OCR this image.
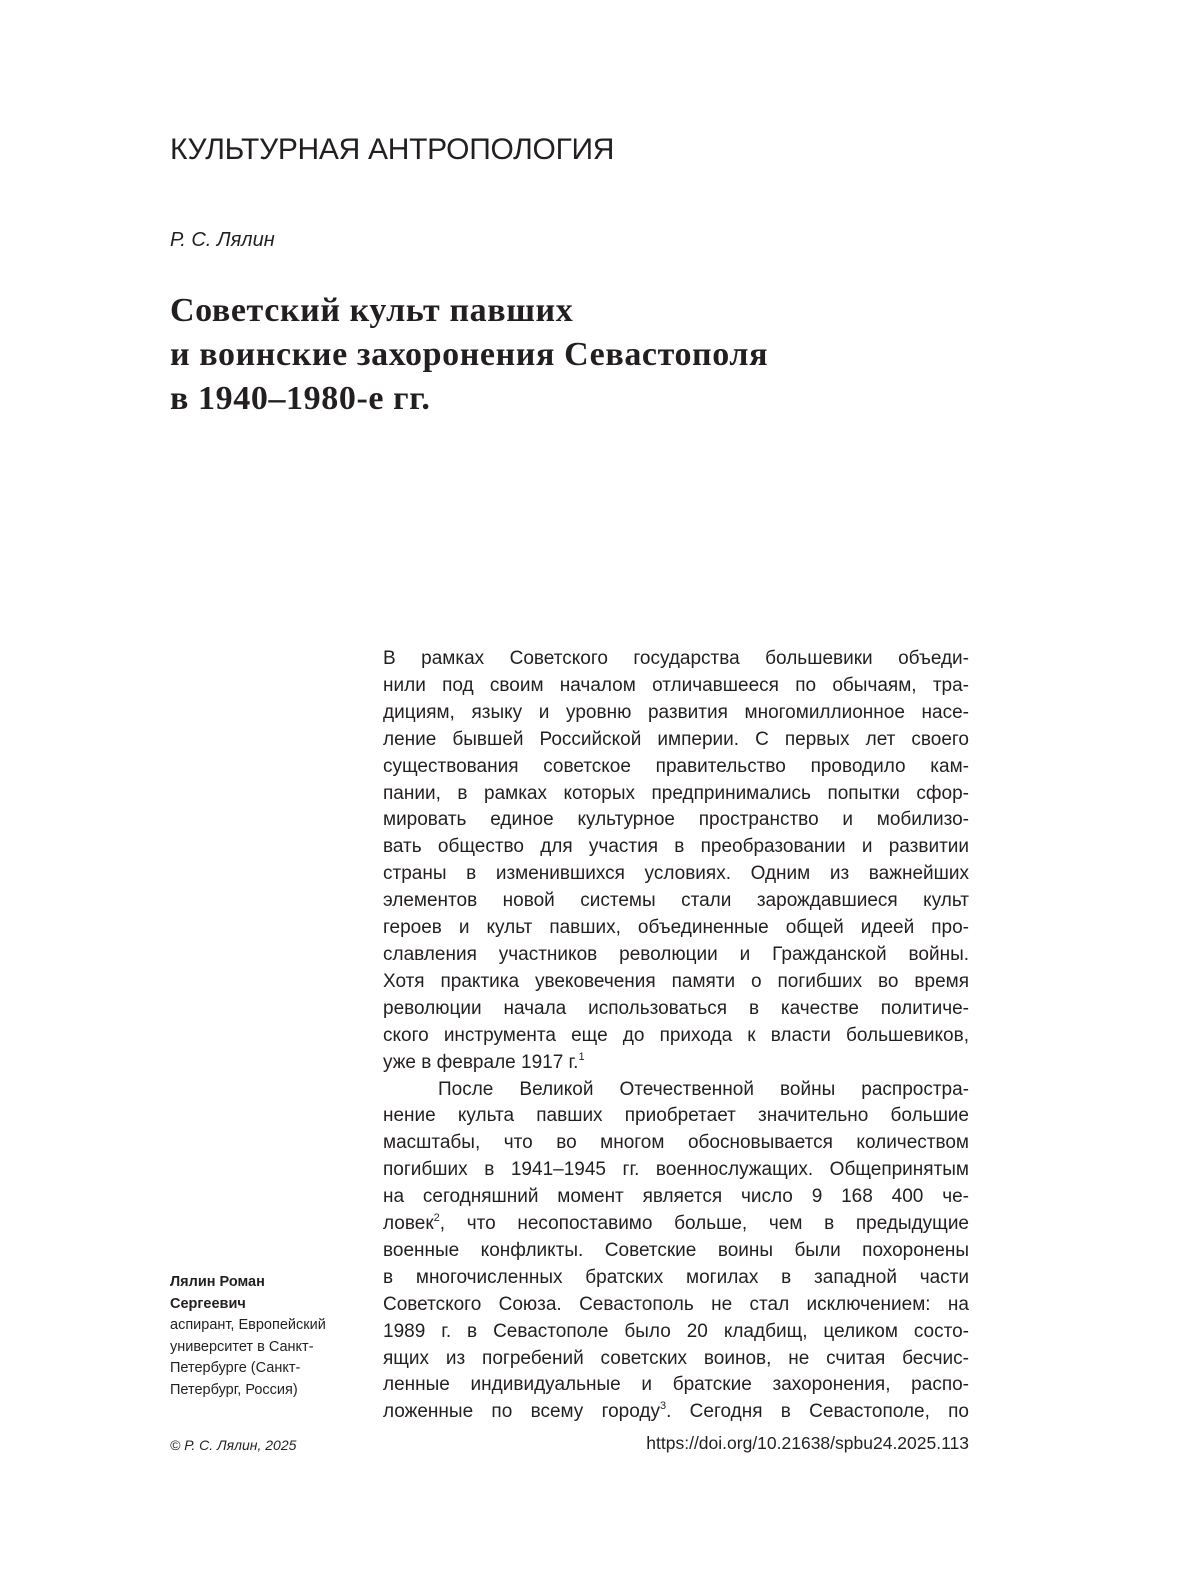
КУЛЬТУРНАЯ АНТРОПОЛОГИЯ
Р. С. Лялин
Советский культ павших
и воинские захоронения Севастополя
в 1940–1980-е гг.
В рамках Советского государства большевики объеди-
нили под своим началом отличавшееся по обычаям, тра-
дициям, языку и уровню развития многомиллионное насе-
ление бывшей Российской империи. С первых лет своего
существования советское правительство проводило кам-
пании, в рамках которых предпринимались попытки сфор-
мировать единое культурное пространство и мобилизо-
вать общество для участия в преобразовании и развитии
страны в изменившихся условиях. Одним из важнейших
элементов новой системы стали зарождавшиеся культ
героев и культ павших, объединенные общей идеей про-
славления участников революции и Гражданской войны.
Хотя практика увековечения памяти о погибших во время
революции начала использоваться в качестве политиче-
ского инструмента еще до прихода к власти большевиков,
уже в феврале 1917 г.$^1$
После Великой Отечественной войны распростра-
нение культа павших приобретает значительно большие
масштабы, что во многом обосновывается количеством
погибших в 1941–1945 гг. военнослужащих. Общепринятым
на сегодняшний момент является число 9 168 400 че-
ловек$^2$, что несопоставимо больше, чем в предыдущие
военные конфликты. Советские воины были похоронены
в многочисленных братских могилах в западной части
Советского Союза. Севастополь не стал исключением: на
1989 г. в Севастополе было 20 кладбищ, целиком состо-
ящих из погребений советских воинов, не считая бесчис-
ленные индивидуальные и братские захоронения, распо-
ложенные по всему городу$^3$. Сегодня в Севастополе, по
Лялин Роман
Сергеевич
аспирант, Европейский
университет в Санкт-
Петербурге (Санкт-
Петербург, Россия)
© Р. С. Лялин, 2025	https://doi.org/10.21638/spbu24.2025.113
